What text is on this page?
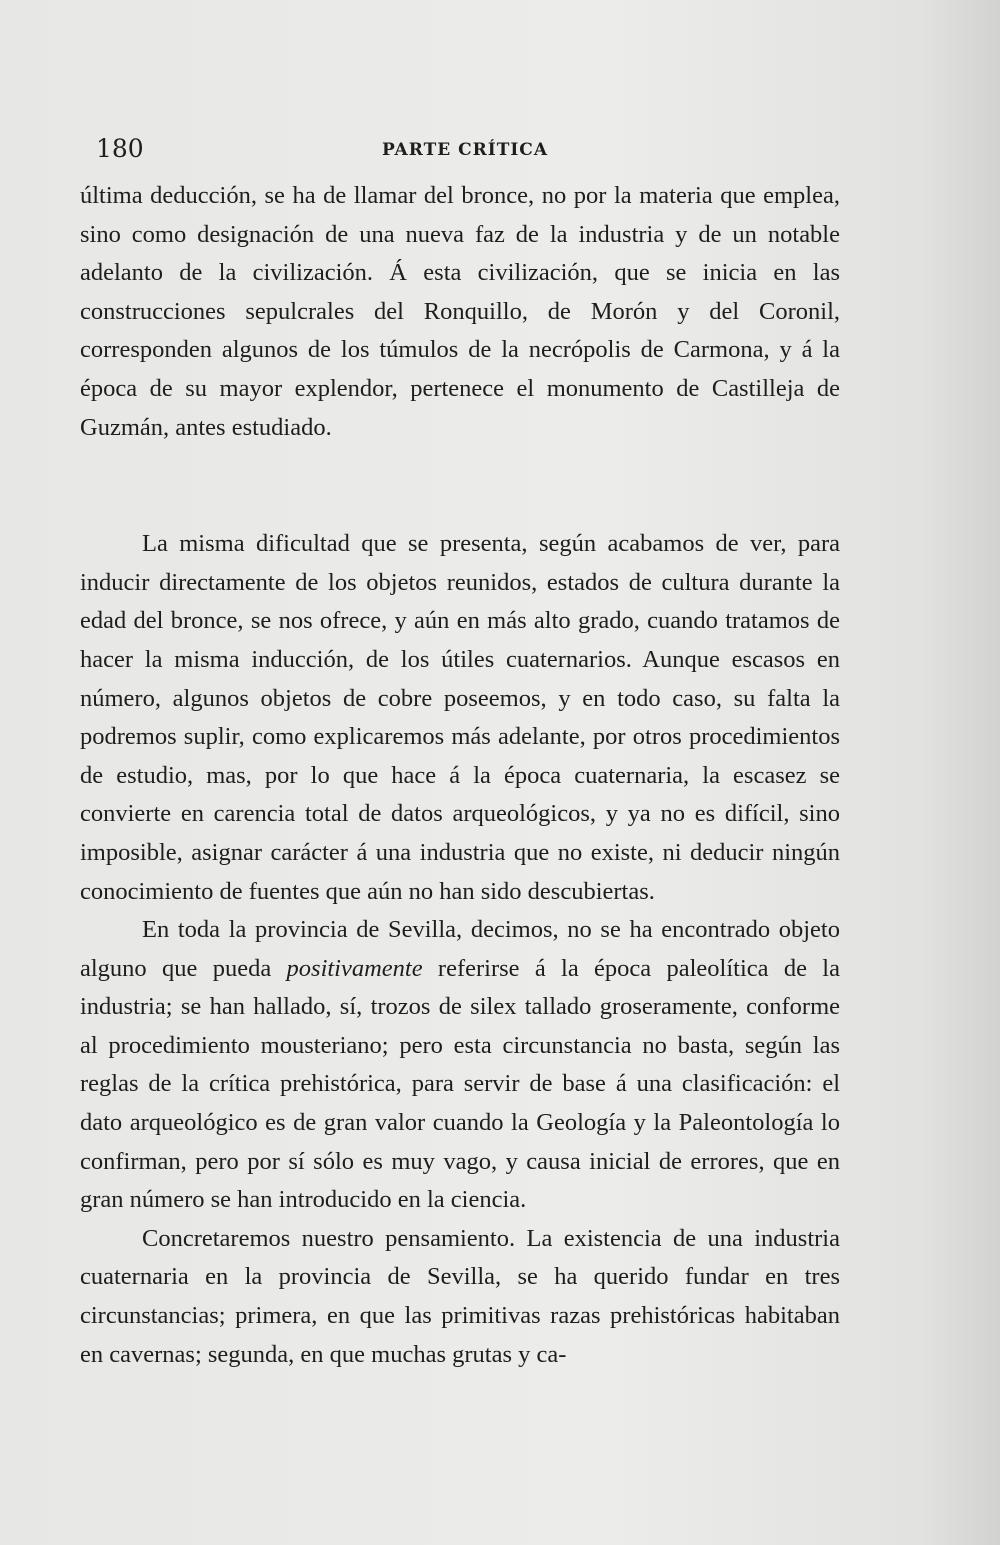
180	PARTE CRÍTICA

última deducción, se ha de llamar del bronce, no por la materia que emplea, sino como designación de una nueva faz de la industria y de un notable adelanto de la civilización. Á esta civilización, que se inicia en las construcciones sepulcrales del Ronquillo, de Morón y del Coronil, corresponden algunos de los túmulos de la necrópolis de Carmona, y á la época de su mayor explendor, pertenece el monumento de Castilleja de Guzmán, antes estudiado.

La misma dificultad que se presenta, según acabamos de ver, para inducir directamente de los objetos reunidos, estados de cultura durante la edad del bronce, se nos ofrece, y aún en más alto grado, cuando tratamos de hacer la misma inducción, de los útiles cuaternarios. Aunque escasos en número, algunos objetos de cobre poseemos, y en todo caso, su falta la podremos suplir, como explicaremos más adelante, por otros procedimientos de estudio, mas, por lo que hace á la época cuaternaria, la escasez se convierte en carencia total de datos arqueológicos, y ya no es difícil, sino imposible, asignar carácter á una industria que no existe, ni deducir ningún conocimiento de fuentes que aún no han sido descubiertas.

En toda la provincia de Sevilla, decimos, no se ha encontrado objeto alguno que pueda positivamente referirse á la época paleolítica de la industria; se han hallado, sí, trozos de silex tallado groseramente, conforme al procedimiento mousteriano; pero esta circunstancia no basta, según las reglas de la crítica prehistórica, para servir de base á una clasificación: el dato arqueológico es de gran valor cuando la Geología y la Paleontología lo confirman, pero por sí sólo es muy vago, y causa inicial de errores, que en gran número se han introducido en la ciencia.

Concretaremos nuestro pensamiento. La existencia de una industria cuaternaria en la provincia de Sevilla, se ha querido fundar en tres circunstancias; primera, en que las primitivas razas prehistóricas habitaban en cavernas; segunda, en que muchas grutas y ca-
